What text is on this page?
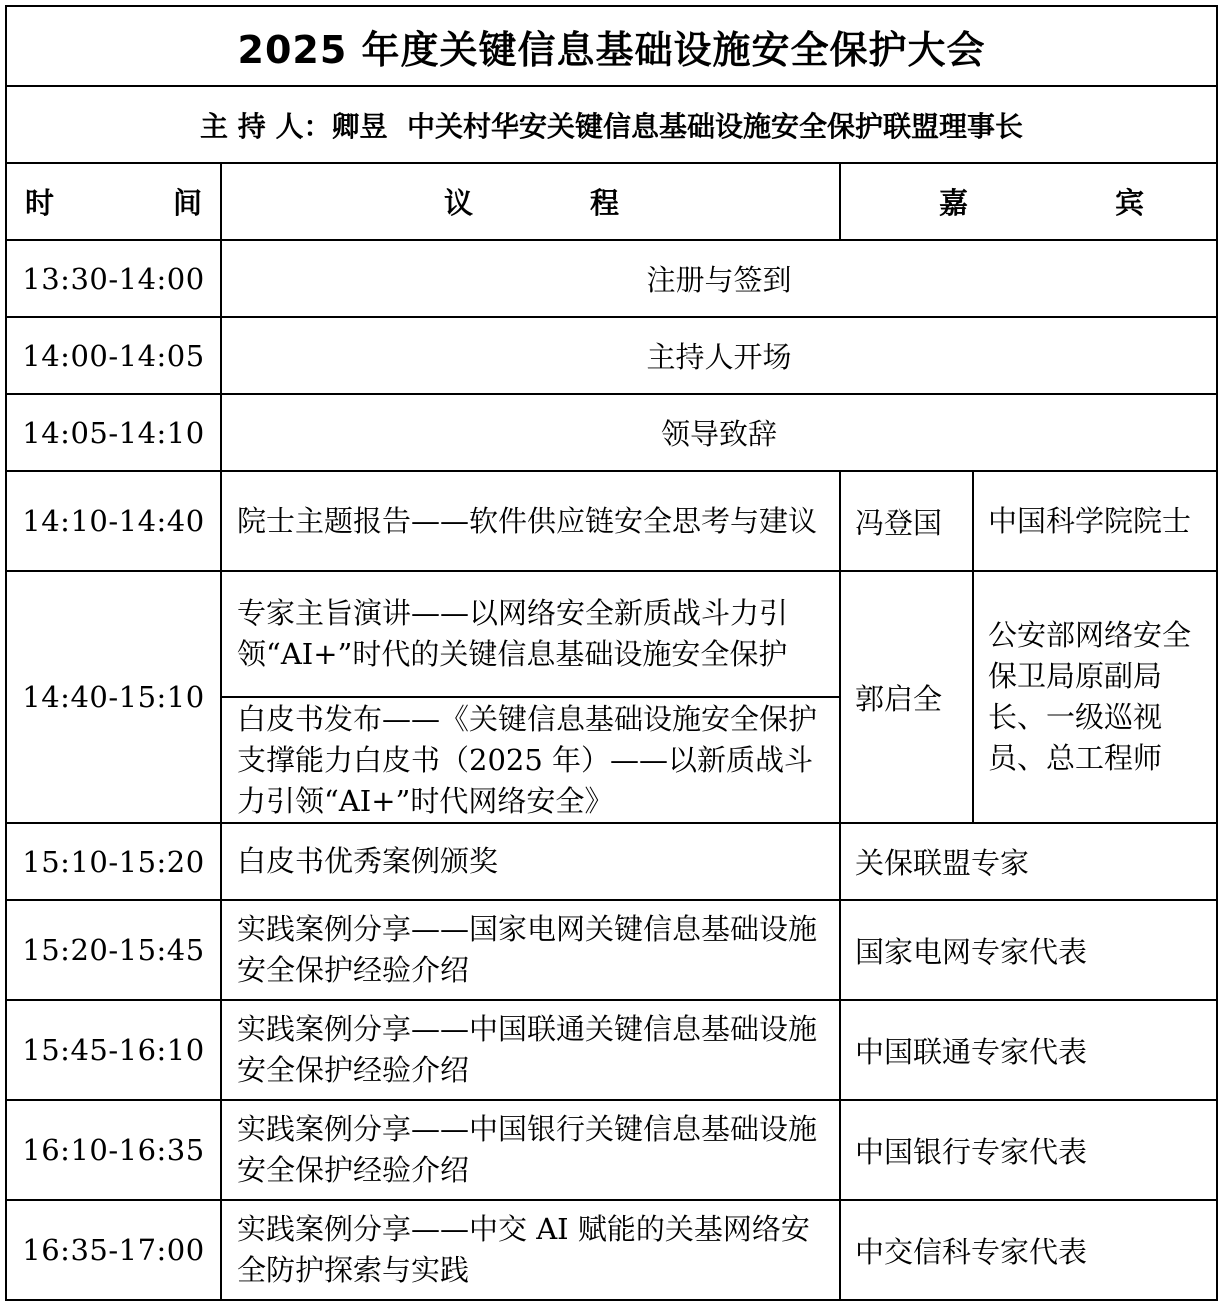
2025 年度关键信息基础设施安全保护大会			
主 持 人：卿昱  中关村华安关键信息基础设施安全保护联盟理事长			

时 间	议 程	嘉 宾	

13:30-14:00	注册与签到		
14:00-14:05	主持人开场		
14:05-14:10	领导致辞		
14:10-14:40	院士主题报告——软件供应链安全思考与建议	冯登国	中国科学院院士
14:40-15:10	专家主旨演讲——以网络安全新质战斗力引领“AI+”时代的关键信息基础设施安全保护	郭启全	公安部网络安全保卫局原副局长、一级巡视员、总工程师
	白皮书发布——《关键信息基础设施安全保护支撑能力白皮书（2025 年）——以新质战斗力引领“AI+”时代网络安全》		
15:10-15:20	白皮书优秀案例颁奖	关保联盟专家	
15:20-15:45	实践案例分享——国家电网关键信息基础设施安全保护经验介绍	国家电网专家代表	
15:45-16:10	实践案例分享——中国联通关键信息基础设施安全保护经验介绍	中国联通专家代表	
16:10-16:35	实践案例分享——中国银行关键信息基础设施安全保护经验介绍	中国银行专家代表	
16:35-17:00	实践案例分享——中交 AI 赋能的关基网络安全防护探索与实践	中交信科专家代表	
